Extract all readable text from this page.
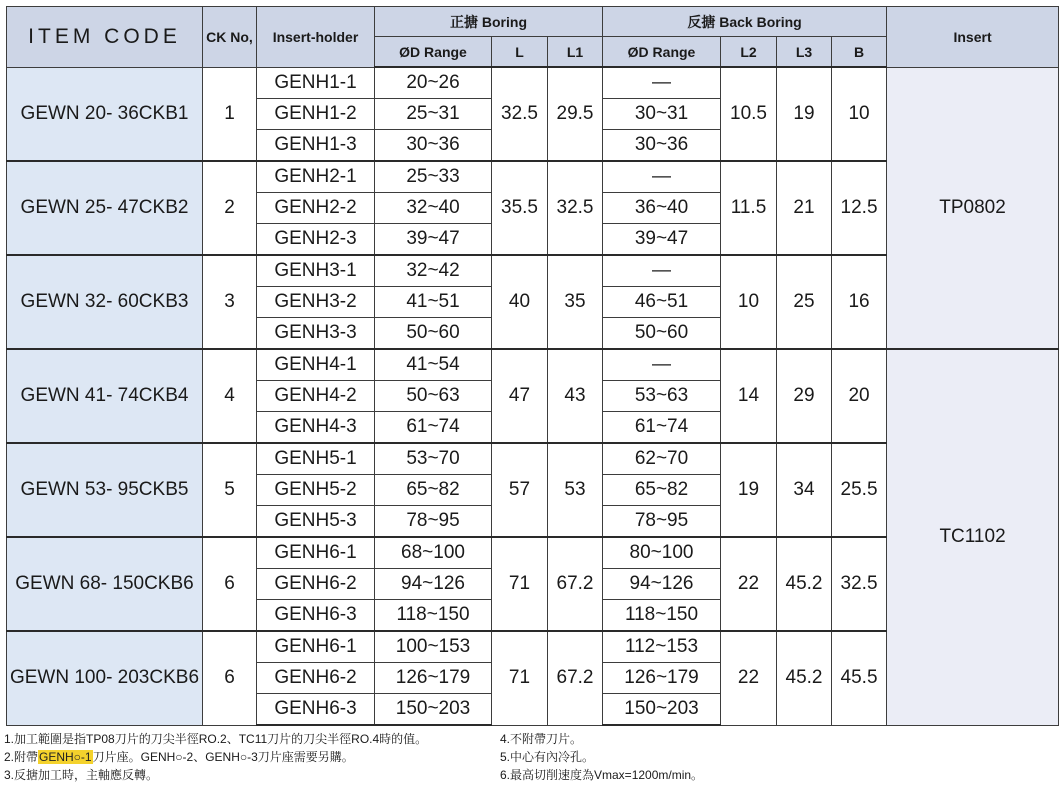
ITEM CODE	CK No,	Insert-holder	正搪 Boring			反搪 Back Boring				Insert
			ØD Range	L	L1	ØD Range	L2	L3	B	
GEWN 20- 36CKB1	1	GENH1-1	20~26	32.5	29.5	—	10.5	19	10	TP0802
		GENH1-2	25~31			30~31				
		GENH1-3	30~36			30~36				
GEWN 25- 47CKB2	2	GENH2-1	25~33	35.5	32.5	—	11.5	21	12.5	
		GENH2-2	32~40			36~40				
		GENH2-3	39~47			39~47				
GEWN 32- 60CKB3	3	GENH3-1	32~42	40	35	—	10	25	16	
		GENH3-2	41~51			46~51				
		GENH3-3	50~60			50~60				
GEWN 41- 74CKB4	4	GENH4-1	41~54	47	43	—	14	29	20	TC1102
		GENH4-2	50~63			53~63				
		GENH4-3	61~74			61~74				
GEWN 53- 95CKB5	5	GENH5-1	53~70	57	53	62~70	19	34	25.5	
		GENH5-2	65~82			65~82				
		GENH5-3	78~95			78~95				
GEWN 68- 150CKB6	6	GENH6-1	68~100	71	67.2	80~100	22	45.2	32.5	
		GENH6-2	94~126			94~126				
		GENH6-3	118~150			118~150				
GEWN 100- 203CKB6	6	GENH6-1	100~153	71	67.2	112~153	22	45.2	45.5	
		GENH6-2	126~179			126~179				
		GENH6-3	150~203			150~203				
1.加工範圍是指TP08刀片的刀尖半徑RO.2、TC11刀片的刀尖半徑RO.4時的值。
2.附帶GENH○-1刀片座。GENH○-2、GENH○-3刀片座需要另購。
3.反搪加工時，主軸應反轉。
4.不附帶刀片。
5.中心有內冷孔。
6.最高切削速度為Vmax=1200m/min。
